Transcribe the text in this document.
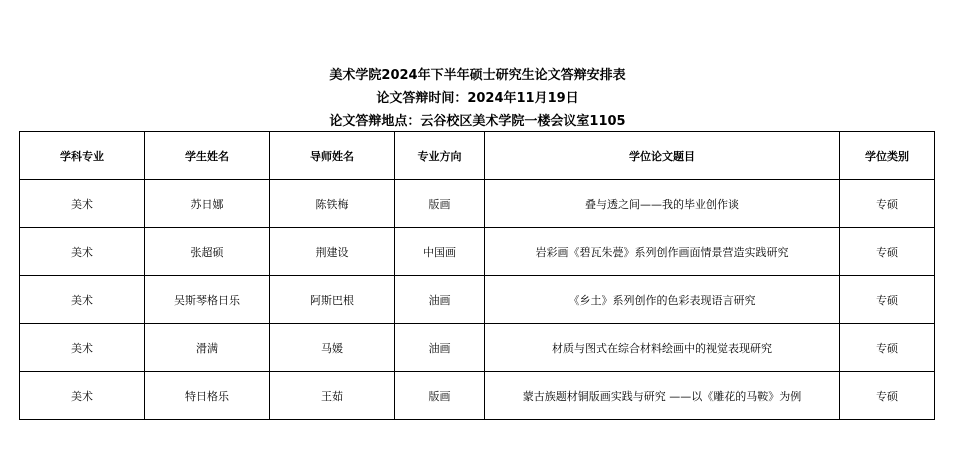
美术学院2024年下半年硕士研究生论文答辩安排表
论文答辩时间：2024年11月19日
论文答辩地点：云谷校区美术学院一楼会议室1105
学科专业	学生姓名	导师姓名	专业方向	学位论文题目	学位类别
美术	苏日娜	陈铁梅	版画	叠与透之间——我的毕业创作谈	专硕
美术	张超硕	荆建设	中国画	岩彩画《碧瓦朱甍》系列创作画面情景营造实践研究	专硕
美术	吴斯琴格日乐	阿斯巴根	油画	《乡土》系列创作的色彩表现语言研究	专硕
美术	滑满	马媛	油画	材质与图式在综合材料绘画中的视觉表现研究	专硕
美术	特日格乐	王茹	版画	蒙古族题材铜版画实践与研究 ——以《雕花的马鞍》为例	专硕
